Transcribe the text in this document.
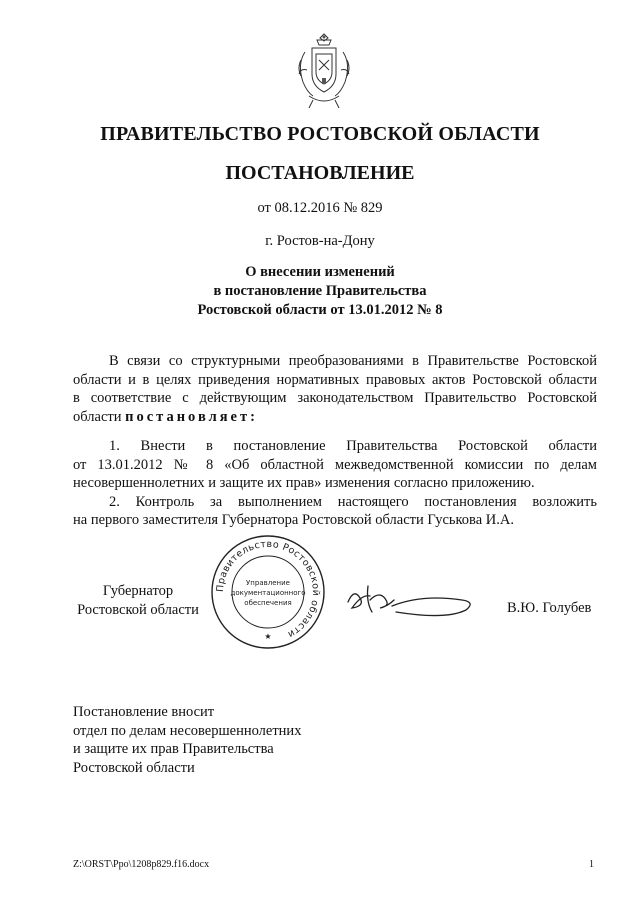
ПРАВИТЕЛЬСТВО РОСТОВСКОЙ ОБЛАСТИ
ПОСТАНОВЛЕНИЕ
от 08.12.2016 № 829
г. Ростов-на-Дону
О внесении изменений
в постановление Правительства
Ростовской области от 13.01.2012 № 8
В связи со структурными преобразованиями в Правительстве Ростовской
области и в целях приведения нормативных правовых актов Ростовской области
в соответствие с действующим законодательством Правительство Ростовской
области постановляет:
1. Внести в постановление Правительства Ростовской области
от 13.01.2012 № 8 «Об областной межведомственной комиссии по делам
несовершеннолетних и защите их прав» изменения согласно приложению.
2. Контроль за выполнением настоящего постановления возложить
на первого заместителя Губернатора Ростовской области Гуськова И.А.
Губернатор
Ростовской области
Правительство Ростовской области
Управление
документационного
обеспечения
★
В.Ю. Голубев
Постановление вносит
отдел по делам несовершеннолетних
и защите их прав Правительства
Ростовской области
Z:\ORST\Ppo\1208p829.f16.docx	1
